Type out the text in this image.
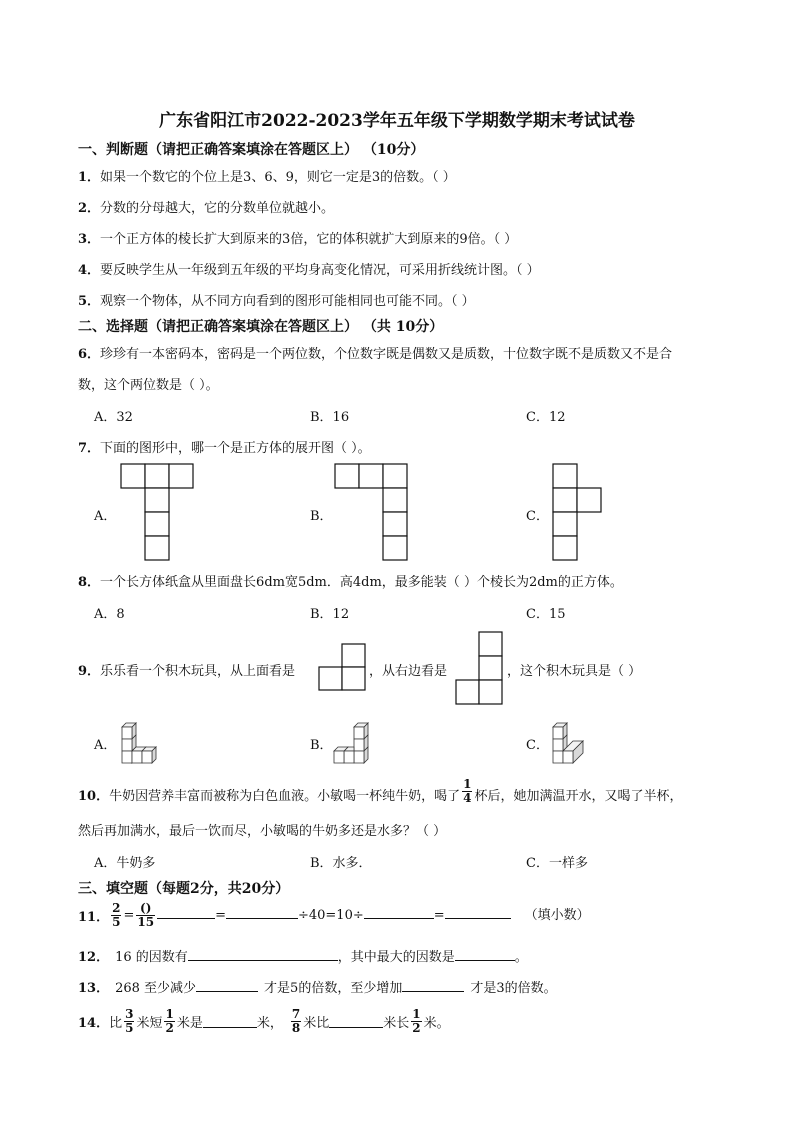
广东省阳江市2022-2023学年五年级下学期数学期末考试试卷
一、判断题（请把正确答案填涂在答题区上） （10分）
1．如果一个数它的个位上是3、6、9，则它一定是3的倍数。（ ）
2．分数的分母越大，它的分数单位就越小。
3．一个正方体的棱长扩大到原来的3倍，它的体积就扩大到原来的9倍。（ ）
4．要反映学生从一年级到五年级的平均身高变化情况，可采用折线统计图。（ ）
5．观察一个物体，从不同方向看到的图形可能相同也可能不同。（ ）
二、选择题（请把正确答案填涂在答题区上） （共 10分）
6．珍珍有一本密码本，密码是一个两位数，个位数字既是偶数又是质数，十位数字既不是质数又不是合
数，这个两位数是（ ）。
A．32	B．16	C．12
7．下面的图形中，哪一个是正方体的展开图（ ）。
A．	B．	C．
8．一个长方体纸盒从里面盘长6dm宽5dm．高4dm，最多能装（ ）个棱长为2dm的正方体。
A．8	B．12	C．15
9．乐乐看一个积木玩具，从上面看是	，从右边看是	，这个积木玩具是（ ）
A．	B．	C．
10．牛奶因营养丰富而被称为白色血液。小敏喝一杯纯牛奶，喝了 $\frac{1}{4}$ 杯后，她加满温开水，又喝了半杯，
然后再加满水，最后一饮而尽，小敏喝的牛奶多还是水多？（ ）
A．牛奶多	B．水多．	C．一样多
三、填空题（每题2分，共20分）
11． $\frac{2}{5} = \frac{()}{15}$	=	÷40=10÷	=	（填小数）
12． 16 的因数有	，其中最大的因数是	。
13． 268 至少减少	才是5的倍数，至少增加	才是3的倍数。
14．比 $\frac{3}{5}$ 米短 $\frac{1}{2}$ 米是	米， $\frac{7}{8}$ 米比	米长 $\frac{1}{2}$ 米。
